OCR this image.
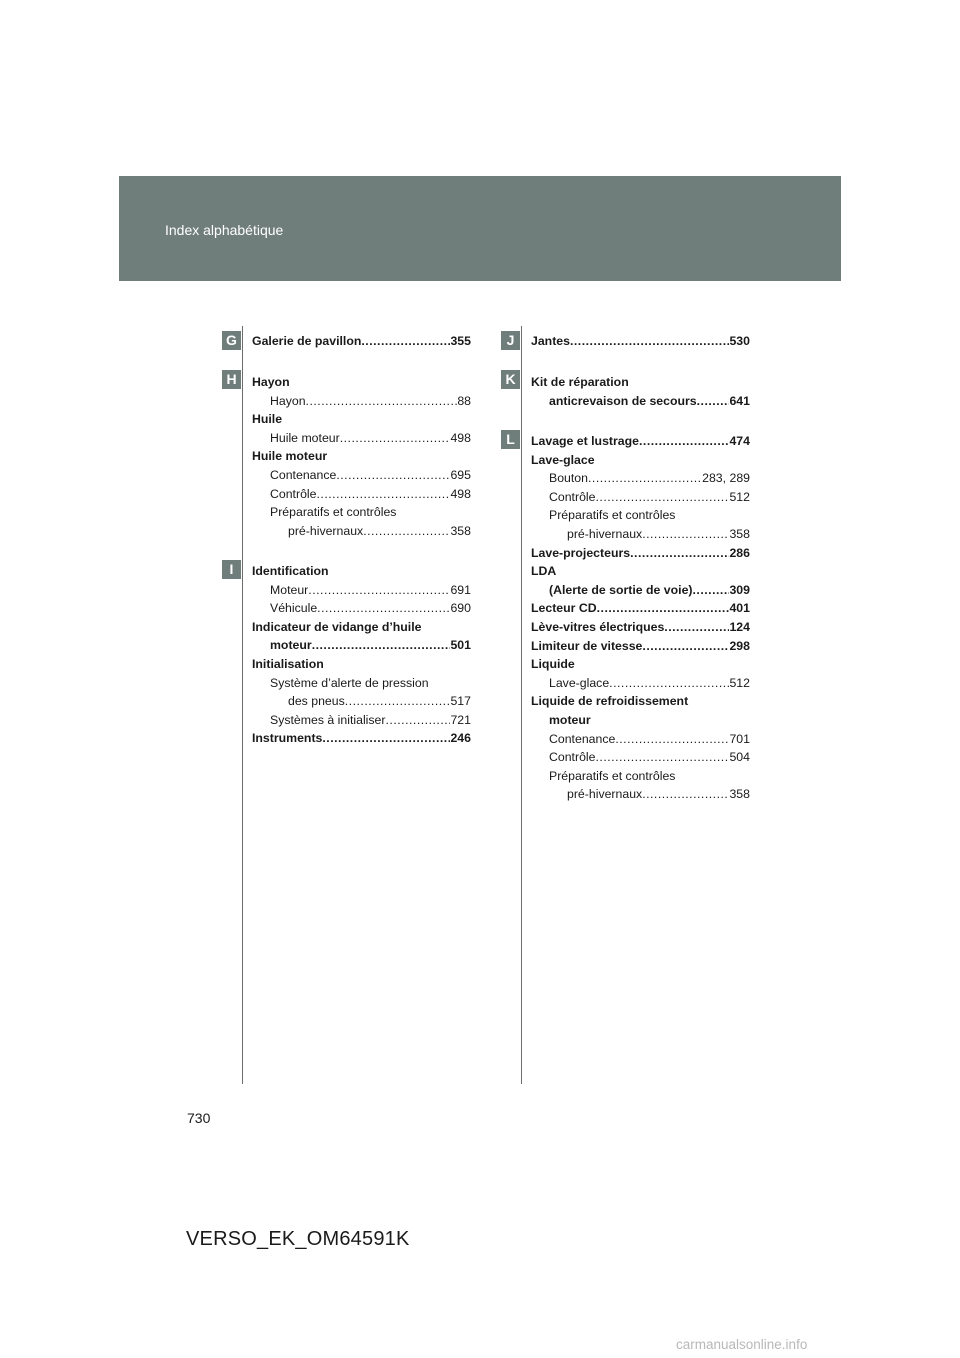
Index alphabétique
G
H
I
J
K
L
Galerie de pavillon .....	355
Hayon
Hayon .....	88
Huile
Huile moteur .....	498
Huile moteur
Contenance .....	695
Contrôle .....	498
Préparatifs et contrôles
pré-hivernaux .....	358
Identification
Moteur .....	691
Véhicule .....	690
Indicateur de vidange d’huile
moteur .....	501
Initialisation
Système d’alerte de pression
des pneus .....	517
Systèmes à initialiser .....	721
Instruments .....	246
Jantes .....	530
Kit de réparation
anticrevaison de secours .....	641
Lavage et lustrage .....	474
Lave-glace
Bouton .....	283, 289
Contrôle .....	512
Préparatifs et contrôles
pré-hivernaux .....	358
Lave-projecteurs .....	286
LDA
(Alerte de sortie de voie) .....	309
Lecteur CD .....	401
Lève-vitres électriques .....	124
Limiteur de vitesse .....	298
Liquide
Lave-glace .....	512
Liquide de refroidissement
moteur
Contenance .....	701
Contrôle .....	504
Préparatifs et contrôles
pré-hivernaux .....	358
730
VERSO_EK_OM64591K
carmanualsonline.info
